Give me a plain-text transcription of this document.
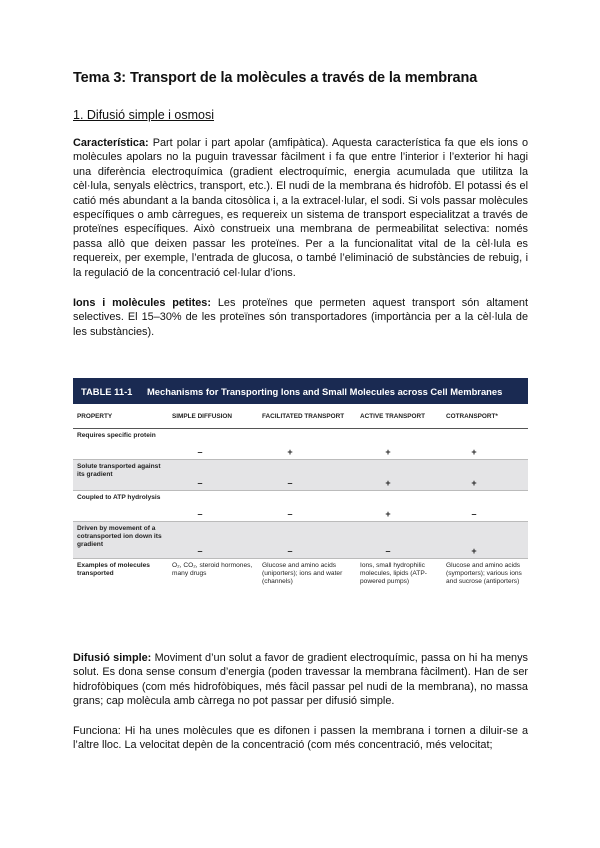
Tema 3: Transport de la molècules a través de la membrana
1. Difusió simple i osmosi

Característica: Part polar i part apolar (amfipàtica). Aquesta característica fa que els ions o molècules apolars no la puguin travessar fàcilment i fa que entre l’interior i l’exterior hi hagi una diferència electroquímica (gradient electroquímic, energia acumulada que utilitza la cèl·lula, senyals elèctrics, transport, etc.). El nudi de la membrana és hidrofòb. El potassi és el catió més abundant a la banda citosòlica i, a la extracel·lular, el sodi. Si vols passar molècules específiques o amb càrregues, es requereix un sistema de transport especialitzat a través de proteïnes específiques. Això construeix una membrana de permeabilitat selectiva: només passa allò que deixen passar les proteïnes. Per a la funcionalitat vital de la cèl·lula es requereix, per exemple, l’entrada de glucosa, o també l’eliminació de substàncies de rebuig, i la regulació de la concentració cel·lular d’ions.

Ions i molècules petites: Les proteïnes que permeten aquest transport són altament selectives. El 15–30% de les proteïnes són transportadores (importància per a la cèl·lula de les substàncies).

TABLE 11-1	Mechanisms for Transporting Ions and Small Molecules across Cell Membranes
PROPERTY	SIMPLE DIFFUSION	FACILITATED TRANSPORT	ACTIVE TRANSPORT	COTRANSPORT*
Requires specific protein	–	+	+	+

Solute transported against its gradient	–	–	+	+

Coupled to ATP hydrolysis	–	–	+	–

Driven by movement of a cotransported ion down its gradient	–	–	–	+

Examples of molecules transported	O₂, CO₂, steroid hormones, many drugs	Glucose and amino acids (uniporters); ions and water (channels)	Ions, small hydrophilic molecules, lipids (ATP-powered pumps)	Glucose and amino acids (symporters); various ions and sucrose (antiporters)

Difusió simple: Moviment d’un solut a favor de gradient electroquímic, passa on hi ha menys solut. Es dona sense consum d’energia (poden travessar la membrana fàcilment). Han de ser hidrofòbiques (com més hidrofòbiques, més fàcil passar pel nudi de la membrana), no massa grans; cap molècula amb càrrega no pot passar per difusió simple.

Funciona: Hi ha unes molècules que es difonen i passen la membrana i tornen a diluir-se a l’altre lloc. La velocitat depèn de la concentració (com més concentració, més velocitat;
